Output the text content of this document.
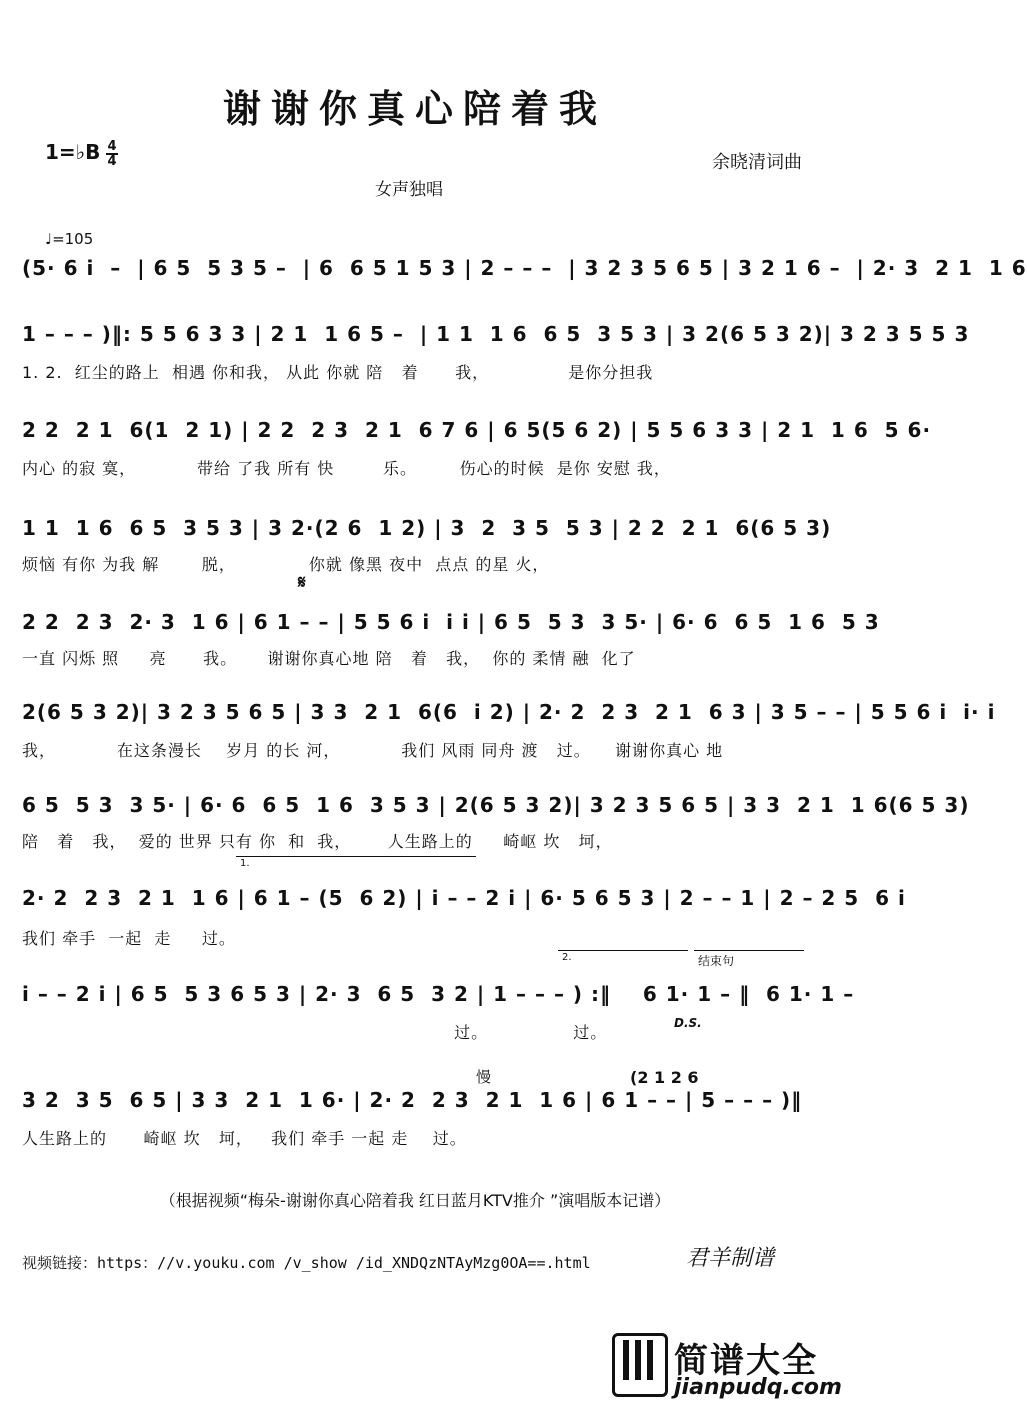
谢谢你真心陪着我
1=♭B 4
4	余晓清词曲
女声独唱
♩=105
𝄋
D.S.
慢
1.
2.	结束句
(2 1 2 6
(5· 6 i  –  | 6 5  5 3 5 –  | 6  6 5 1 5 3 | 2 – – –  | 3 2 3 5 6 5 | 3 2 1 6 –  | 2· 3  2 1  1 6
1 – – – )‖: 5 5 6 3 3 | 2 1  1 6 5 –  | 1 1  1 6  6 5  3 5 3 | 3 2(6 5 3 2)| 3 2 3 5 5 3
1. 2.  红尘的路上  相遇 你和我， 从此 你就 陪   着      我，             是你分担我
2 2  2 1  6(1  2 1) | 2 2  2 3  2 1  6 7 6 | 6 5(5 6 2) | 5 5 6 3 3 | 2 1  1 6  5 6·
内心 的寂 寞，          带给 了我 所有 快        乐。       伤心的时候  是你 安慰 我，
1 1  1 6  6 5  3 5 3 | 3 2·(2 6  1 2) | 3  2  3 5  5 3 | 2 2  2 1  6(6 5 3)
烦恼 有你 为我 解       脱，            你就 像黑 夜中  点点 的星 火，
2 2  2 3  2· 3  1 6 | 6 1 – – | 5 5 6 i  i i | 6 5  5 3  3 5· | 6· 6  6 5  1 6  5 3
一直 闪烁 照     亮      我。     谢谢你真心地 陪   着   我，  你的 柔情 融  化了
2(6 5 3 2)| 3 2 3 5 6 5 | 3 3  2 1  6(6  i 2) | 2· 2  2 3  2 1  6 3 | 3 5 – – | 5 5 6 i  i· i
我，          在这条漫长    岁月 的长 河，          我们 风雨 同舟 渡   过。    谢谢你真心 地
6 5  5 3  3 5· | 6· 6  6 5  1 6  3 5 3 | 2(6 5 3 2)| 3 2 3 5 6 5 | 3 3  2 1  1 6(6 5 3)
陪   着   我，  爱的 世界 只有 你  和  我，      人生路上的     崎岖 坎   坷，
2· 2  2 3  2 1  1 6 | 6 1 – (5  6 2) | i – – 2 i | 6· 5 6 5 3 | 2 – – 1 | 2 – 2 5  6 i
我们 牵手  一起  走     过。
i – – 2 i | 6 5  5 3 6 5 3 | 2· 3  6 5  3 2 | 1 – – – ) :‖    6 1· 1 – ‖  6 1· 1 –
过。              过。
3 2  3 5  6 5 | 3 3  2 1  1 6· | 2· 2  2 3  2 1  1 6 | 6 1 – – | 5 – – – )‖
人生路上的      崎岖 坎   坷，   我们 牵手 一起 走    过。
（根据视频“梅朵-谢谢你真心陪着我 红日蓝月KTV推介 ”演唱版本记谱）
视频链接：https：//v.youku.com /v_show /id_XNDQzNTAyMzg0OA==.html	君羊制谱
简谱大全
jianpudq.com
